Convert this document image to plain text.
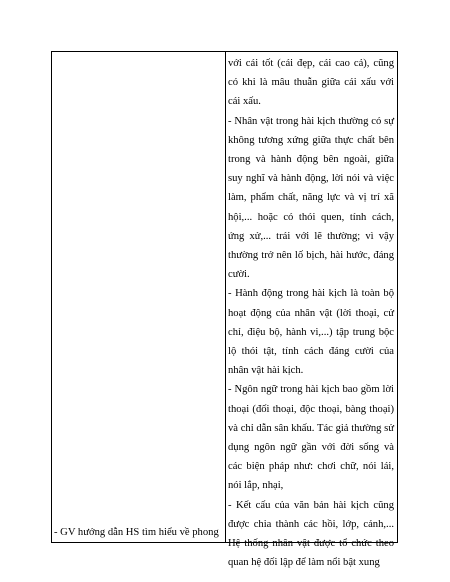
- GV hướng dẫn HS tìm hiểu về phong

với cái tốt (cái đẹp, cái cao cả), cũng có khi là mâu thuẫn giữa cái xấu với cái xấu.

- Nhân vật trong hài kịch thường có sự không tương xứng giữa thực chất bên trong và hành động bên ngoài, giữa suy nghĩ và hành động, lời nói và việc làm, phẩm chất, năng lực và vị trí xã hội,... hoặc có thói quen, tính cách, ứng xử,... trái với lẽ thường; vì vậy thường trở nên lố bịch, hài hước, đáng cười.

- Hành động trong hài kịch là toàn bộ hoạt động của nhân vật (lời thoại, cử chỉ, điệu bộ, hành vi,...) tập trung bộc lộ thói tật, tính cách đáng cười của nhân vật hài kịch.

- Ngôn ngữ trong hài kịch bao gồm lời thoại (đối thoại, độc thoại, bàng thoại) và chỉ dẫn sân khấu. Tác giả thường sử dụng ngôn ngữ gần với đời sống và các biện pháp như: chơi chữ, nói lái, nói lắp, nhại,

- Kết cấu của văn bản hài kịch cũng được chia thành các hồi, lớp, cảnh,... Hệ thống nhân vật được tổ chức theo quan hệ đối lập để làm nổi bật xung
